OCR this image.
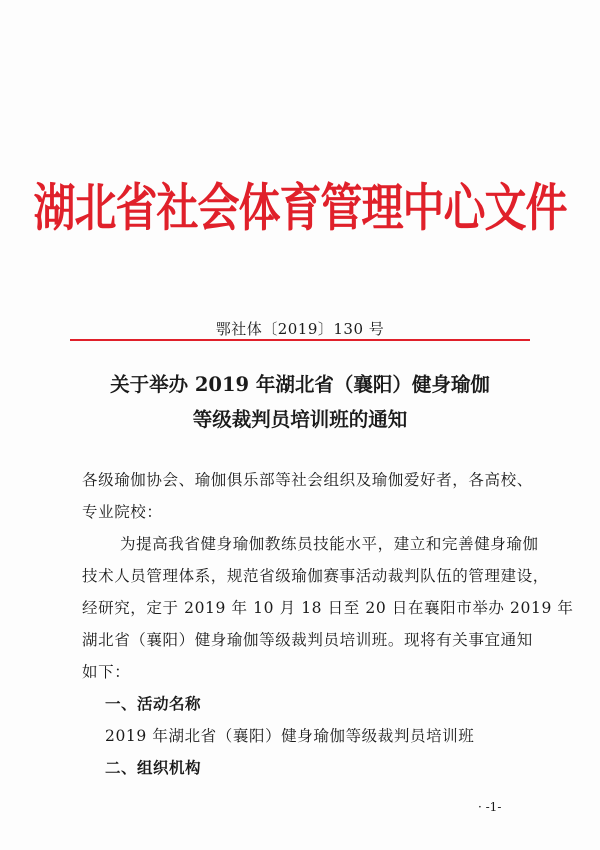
湖北省社会体育管理中心文件
鄂社体〔2019〕130 号
关于举办 2019 年湖北省（襄阳）健身瑜伽
等级裁判员培训班的通知
各级瑜伽协会、瑜伽俱乐部等社会组织及瑜伽爱好者，各高校、
专业院校：
为提高我省健身瑜伽教练员技能水平，建立和完善健身瑜伽
技术人员管理体系，规范省级瑜伽赛事活动裁判队伍的管理建设，
经研究，定于 2019 年 10 月 18 日至 20 日在襄阳市举办 2019 年
湖北省（襄阳）健身瑜伽等级裁判员培训班。现将有关事宜通知
如下：
一、活动名称
2019 年湖北省（襄阳）健身瑜伽等级裁判员培训班
二、组织机构
· -1-
